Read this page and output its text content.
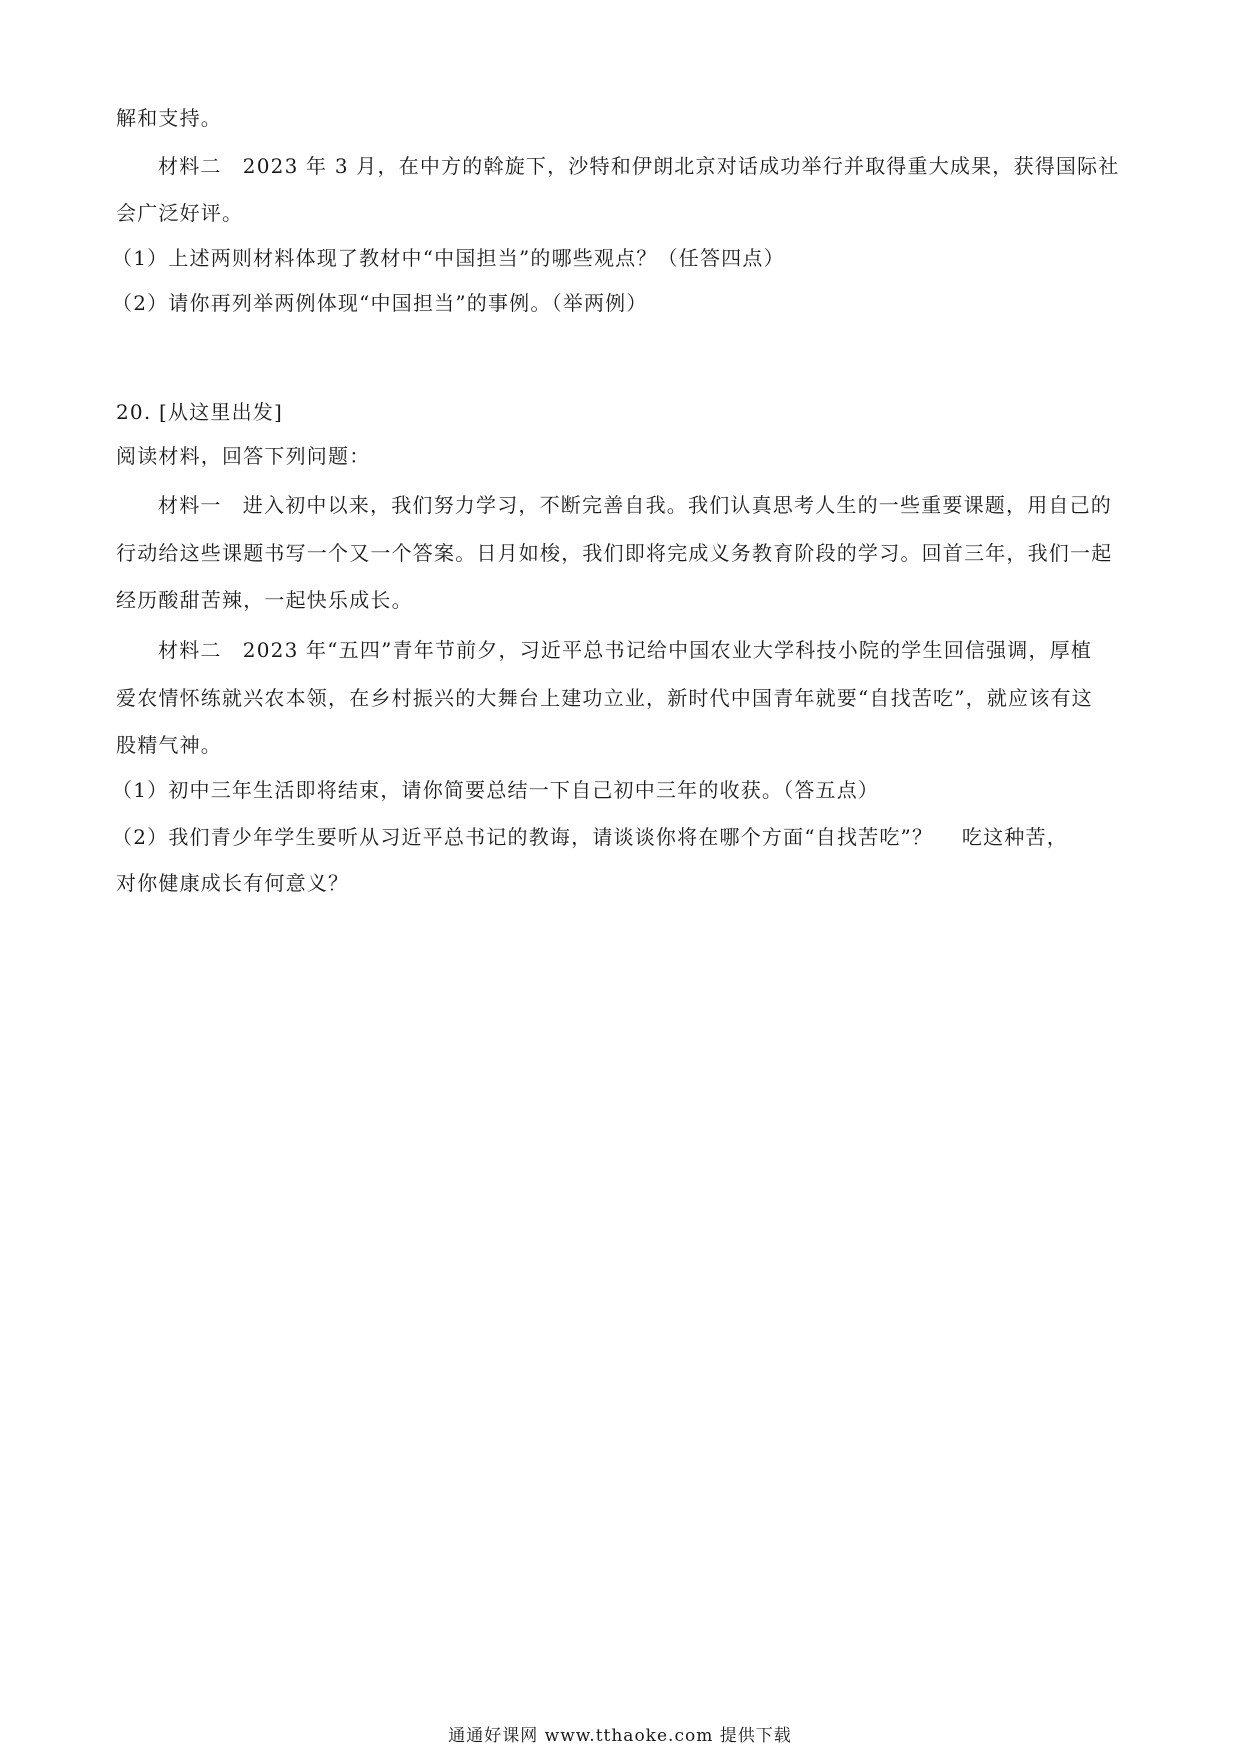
解和支持。
材料二　2023 年 3 月，在中方的斡旋下，沙特和伊朗北京对话成功举行并取得重大成果，获得国际社
会广泛好评。
（1）上述两则材料体现了教材中“中国担当”的哪些观点？（任答四点）
（2）请你再列举两例体现“中国担当”的事例。（举两例）
20. [从这里出发]
阅读材料，回答下列问题：
材料一　进入初中以来，我们努力学习，不断完善自我。我们认真思考人生的一些重要课题，用自己的
行动给这些课题书写一个又一个答案。日月如梭，我们即将完成义务教育阶段的学习。回首三年，我们一起
经历酸甜苦辣，一起快乐成长。
材料二　2023 年“五四”青年节前夕，习近平总书记给中国农业大学科技小院的学生回信强调，厚植
爱农情怀练就兴农本领，在乡村振兴的大舞台上建功立业，新时代中国青年就要“自找苦吃”，就应该有这
股精气神。
（1）初中三年生活即将结束，请你简要总结一下自己初中三年的收获。（答五点）
（2）我们青少年学生要听从习近平总书记的教诲，请谈谈你将在哪个方面“自找苦吃”？　 吃这种苦，
对你健康成长有何意义？
通通好课网 www.tthaoke.com 提供下载
